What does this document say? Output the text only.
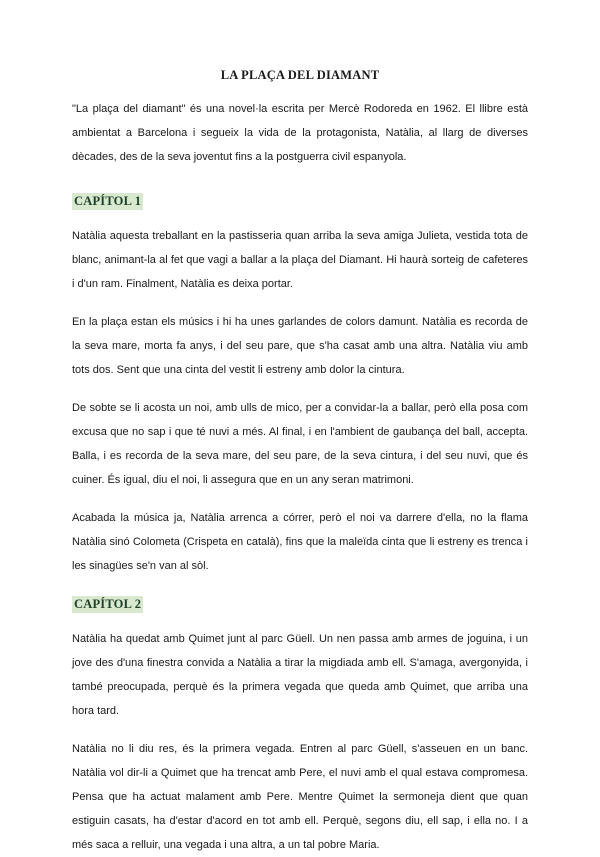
LA PLAÇA DEL DIAMANT

"La plaça del diamant" és una novel·la escrita per Mercè Rodoreda en 1962. El llibre està ambientat a Barcelona i segueix la vida de la protagonista, Natàlia, al llarg de diverses dècades, des de la seva joventut fins a la postguerra civil espanyola.

CAPÍTOL 1

Natàlia aquesta treballant en la pastisseria quan arriba la seva amiga Julieta, vestida tota de blanc, animant-la al fet que vagi a ballar a la plaça del Diamant. Hi haurà sorteig de cafeteres i d'un ram. Finalment, Natàlia es deixa portar.

En la plaça estan els músics i hi ha unes garlandes de colors damunt. Natàlia es recorda de la seva mare, morta fa anys, i del seu pare, que s'ha casat amb una altra. Natàlia viu amb tots dos. Sent que una cinta del vestit li estreny amb dolor la cintura.

De sobte se li acosta un noi, amb ulls de mico, per a convidar-la a ballar, però ella posa com excusa que no sap i que té nuvi a més. Al final, i en l'ambient de gaubança del ball, accepta. Balla, i es recorda de la seva mare, del seu pare, de la seva cintura, i del seu nuvi, que és cuiner. És igual, diu el noi, li assegura que en un any seran matrimoni.

Acabada la música ja, Natàlia arrenca a córrer, però el noi va darrere d'ella, no la flama Natàlia sinó Colometa (Crispeta en català), fins que la maleïda cinta que li estreny es trenca i les sinagües se'n van al sòl.

CAPÍTOL 2

Natàlia ha quedat amb Quimet junt al parc Güell. Un nen passa amb armes de joguina, i un jove des d'una finestra convida a Natàlia a tirar la migdiada amb ell. S'amaga, avergonyida, i també preocupada, perquè és la primera vegada que queda amb Quimet, que arriba una hora tard.

Natàlia no li diu res, és la primera vegada. Entren al parc Güell, s'asseuen en un banc. Natàlia vol dir-li a Quimet que ha trencat amb Pere, el nuvi amb el qual estava compromesa. Pensa que ha actuat malament amb Pere. Mentre Quimet la sermoneja dient que quan estiguin casats, ha d'estar d'acord en tot amb ell. Perquè, segons diu, ell sap, i ella no. I a més saca a relluir, una vegada i una altra, a un tal pobre Maria.
